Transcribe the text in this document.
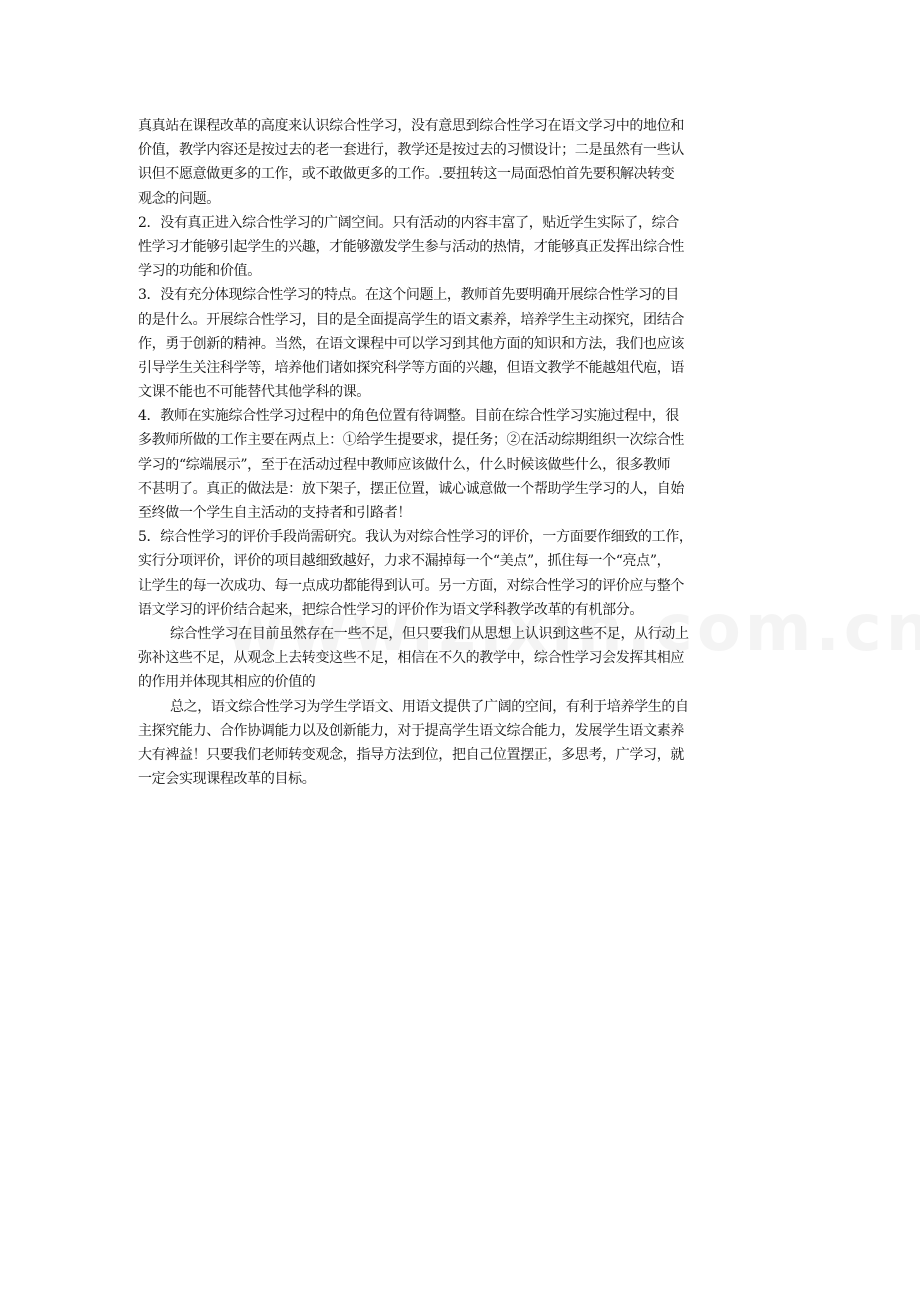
真真站在课程改革的高度来认识综合性学习，没有意思到综合性学习在语文学习中的地位和
价值，教学内容还是按过去的老一套进行，教学还是按过去的习惯设计；二是虽然有一些认
识但不愿意做更多的工作，或不敢做更多的工作。.要扭转这一局面恐怕首先要积解决转变
观念的问题。
2．没有真正进入综合性学习的广阔空间。只有活动的内容丰富了，贴近学生实际了，综合
性学习才能够引起学生的兴趣，才能够激发学生参与活动的热情，才能够真正发挥出综合性
学习的功能和价值。
3．没有充分体现综合性学习的特点。在这个问题上，教师首先要明确开展综合性学习的目
的是什么。开展综合性学习，目的是全面提高学生的语文素养，培养学生主动探究，团结合
作，勇于创新的精神。当然，在语文课程中可以学习到其他方面的知识和方法，我们也应该
引导学生关注科学等，培养他们诸如探究科学等方面的兴趣，但语文教学不能越俎代庖，语
文课不能也不可能替代其他学科的课。
4．教师在实施综合性学习过程中的角色位置有待调整。目前在综合性学习实施过程中，很
多教师所做的工作主要在两点上：①给学生提要求，提任务；②在活动综期组织一次综合性
学习的“综端展示”，至于在活动过程中教师应该做什么，什么时候该做些什么，很多教师
不甚明了。真正的做法是：放下架子，摆正位置，诚心诚意做一个帮助学生学习的人，自始
至终做一个学生自主活动的支持者和引路者！
5．综合性学习的评价手段尚需研究。我认为对综合性学习的评价，一方面要作细致的工作，
实行分项评价，评价的项目越细致越好，力求不漏掉每一个“美点”，抓住每一个“亮点”，
让学生的每一次成功、每一点成功都能得到认可。另一方面，对综合性学习的评价应与整个
语文学习的评价结合起来，把综合性学习的评价作为语文学科教学改革的有机部分。
综合性学习在目前虽然存在一些不足，但只要我们从思想上认识到这些不足，从行动上
弥补这些不足，从观念上去转变这些不足，相信在不久的教学中，综合性学习会发挥其相应
的作用并体现其相应的价值的
总之，语文综合性学习为学生学语文、用语文提供了广阔的空间，有利于培养学生的自
主探究能力、合作协调能力以及创新能力，对于提高学生语文综合能力，发展学生语文素养
大有裨益！只要我们老师转变观念，指导方法到位，把自己位置摆正，多思考，广学习，就
一定会实现课程改革的目标。
